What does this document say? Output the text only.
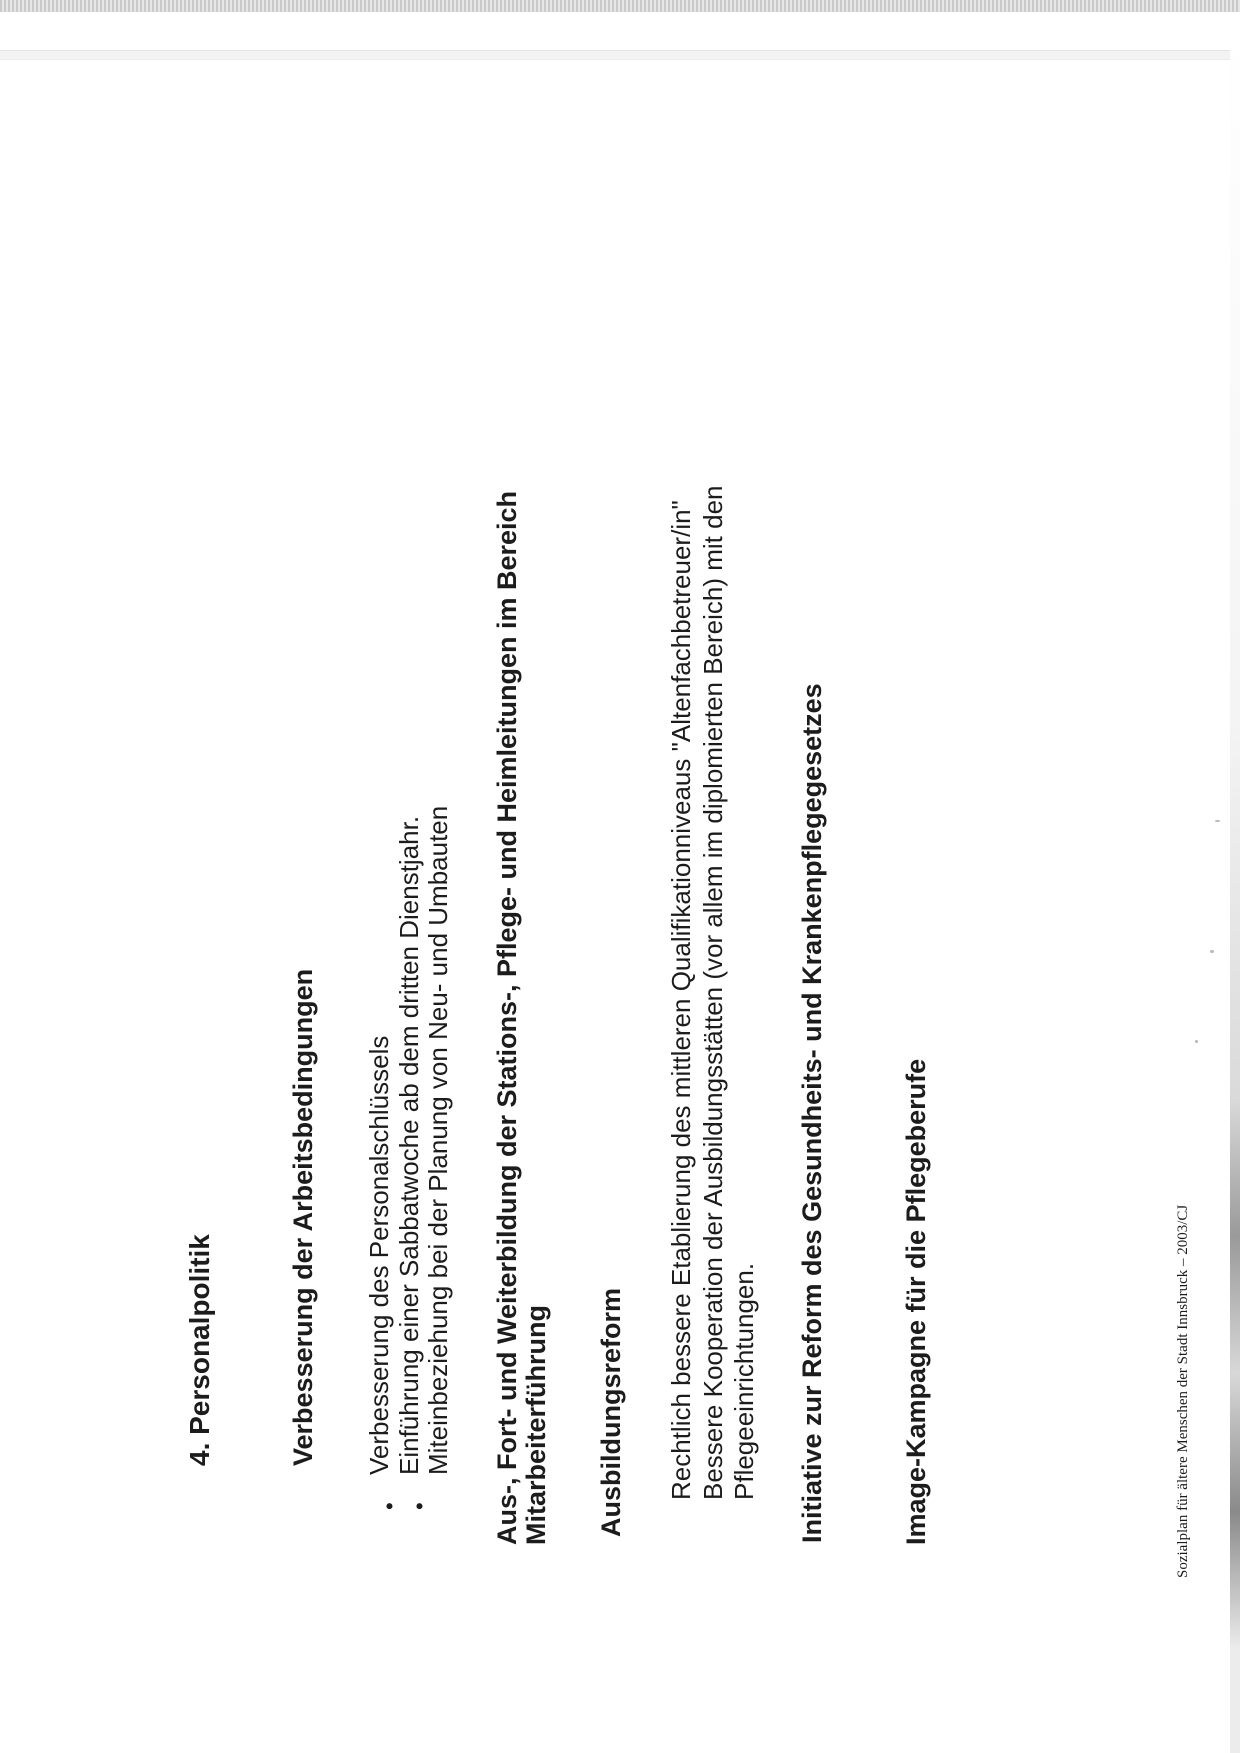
4. Personalpolitik	Verbesserung der Arbeitsbedingungen
•
Verbesserung des Personalschlüssels
•
Einführung einer Sabbatwoche ab dem dritten Dienstjahr. Miteinbeziehung bei der Planung von Neu- und Umbauten Aus-, Fort- und Weiterbildung der Stations-, Pflege- und Heimleitungen im Bereich Mitarbeiterführung Ausbildungsreform Rechtlich bessere Etablierung des mittleren Qualifikationniveaus "Altenfachbetreuer/in" Bessere Kooperation der Ausbildungsstätten (vor allem im diplomierten Bereich) mit den Pflegeeinrichtungen. Initiative zur Reform des Gesundheits- und Krankenpflegegesetzes	Image-Kampagne für die Pflegeberufe	Sozialplan für ältere Menschen der Stadt Innsbruck – 2003/CJ
